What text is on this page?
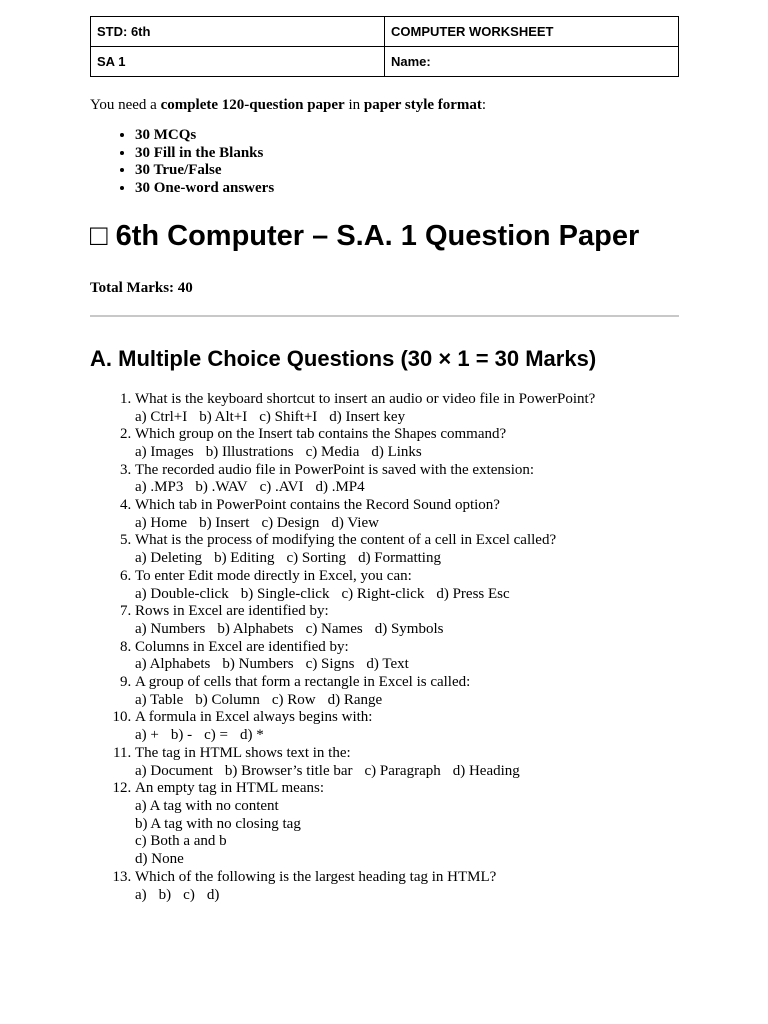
STD: 6th	COMPUTER WORKSHEET
SA 1	Name:
You need a complete 120-question paper in paper style format:
• 30 MCQs
• 30 Fill in the Blanks
• 30 True/False
• 30 One-word answers
□ 6th Computer – S.A. 1 Question Paper
Total Marks: 40
A. Multiple Choice Questions (30 × 1 = 30 Marks)
1. What is the keyboard shortcut to insert an audio or video file in PowerPoint?

a) Ctrl+I b) Alt+I c) Shift+I d) Insert key
2. Which group on the Insert tab contains the Shapes command?

a) Images b) Illustrations c) Media d) Links
3. The recorded audio file in PowerPoint is saved with the extension:

a) .MP3 b) .WAV c) .AVI d) .MP4
4. Which tab in PowerPoint contains the Record Sound option?

a) Home b) Insert c) Design d) View
5. What is the process of modifying the content of a cell in Excel called?

a) Deleting b) Editing c) Sorting d) Formatting
6. To enter Edit mode directly in Excel, you can:

a) Double-click b) Single-click c) Right-click d) Press Esc
7. Rows in Excel are identified by:

a) Numbers b) Alphabets c) Names d) Symbols
8. Columns in Excel are identified by:

a) Alphabets b) Numbers c) Signs d) Text
9. A group of cells that form a rectangle in Excel is called:

a) Table b) Column c) Row d) Range
10. A formula in Excel always begins with:

a) + b) - c) = d) *
11. The tag in HTML shows text in the:

a) Document b) Browser’s title bar c) Paragraph d) Heading
12. An empty tag in HTML means:

a) A tag with no content
b) A tag with no closing tag
c) Both a and b
d) None
13. Which of the following is the largest heading tag in HTML?

a) b) c) d)
